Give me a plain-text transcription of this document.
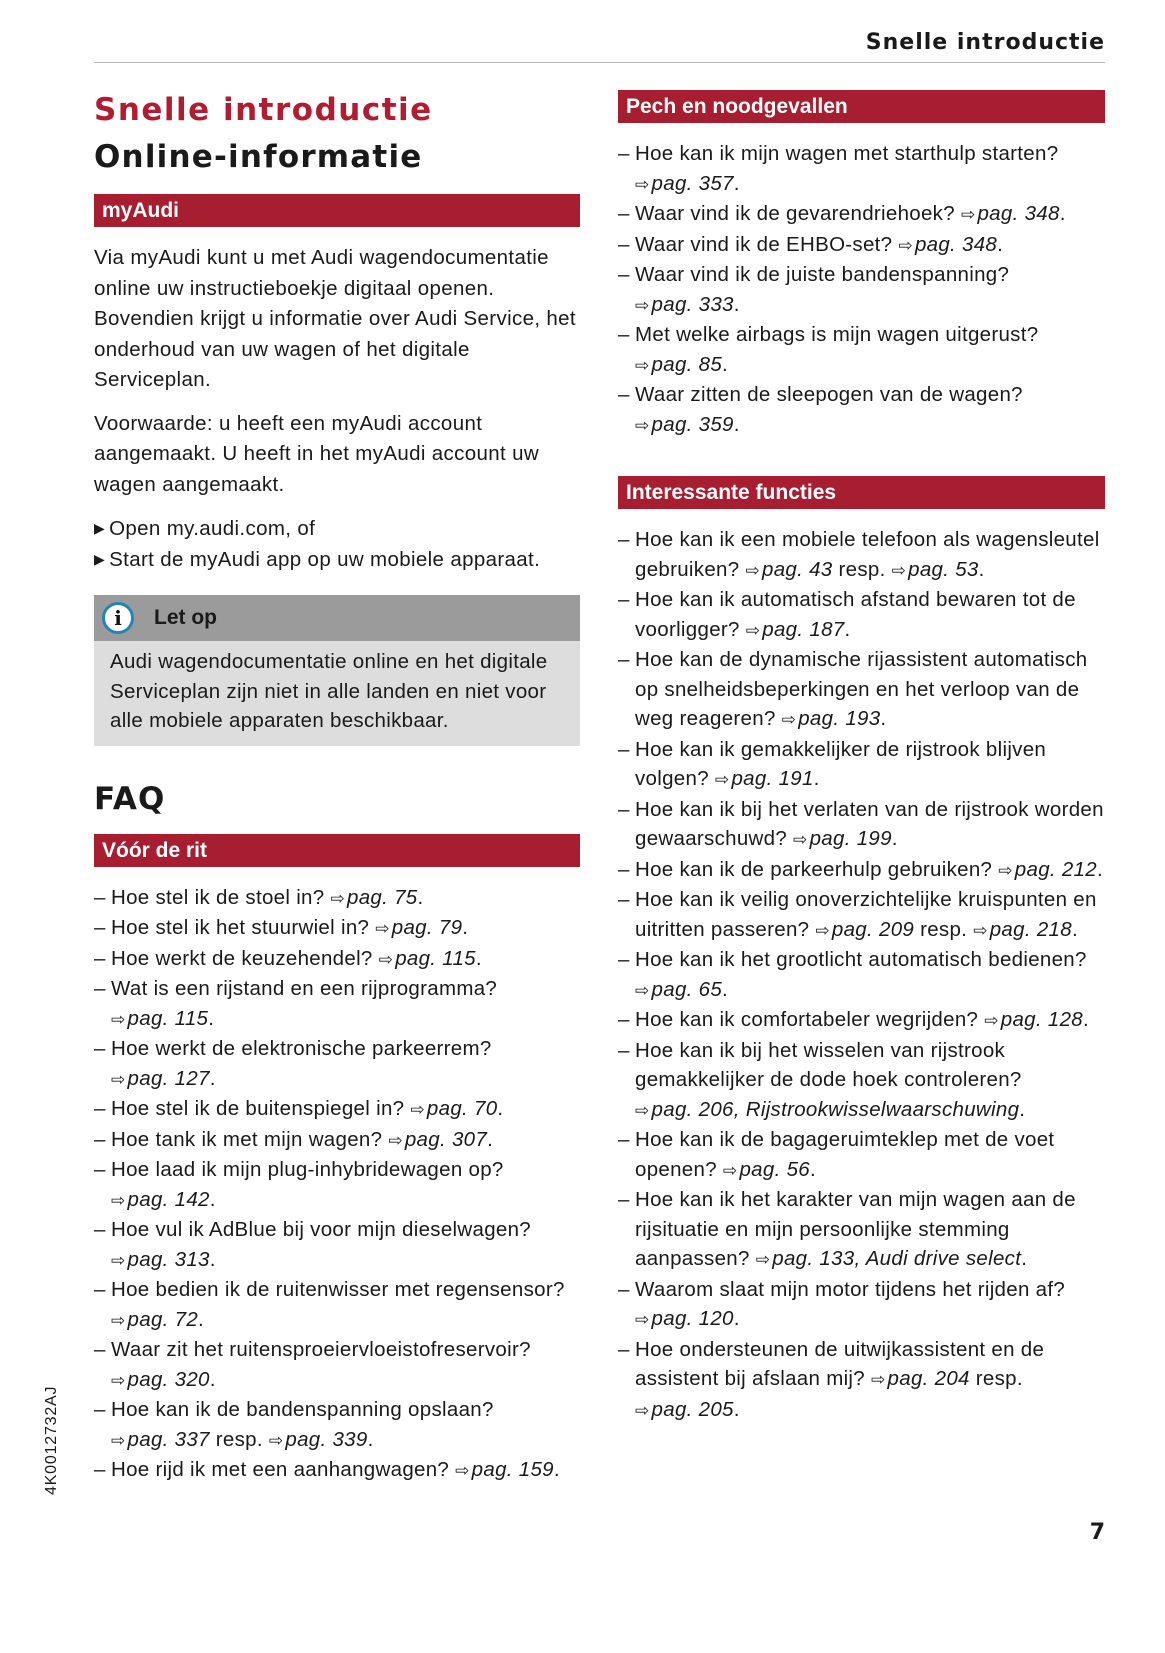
Snelle introductie
Snelle introductie
Online-informatie
myAudi

Via myAudi kunt u met Audi wagendocumentatie online uw instructieboekje digitaal openen. Bovendien krijgt u informatie over Audi Service, het onderhoud van uw wagen of het digitale Serviceplan.

Voorwaarde: u heeft een myAudi account aangemaakt. U heeft in het myAudi account uw wagen aangemaakt.

▶ Open my.audi.com, of
▶ Start de myAudi app op uw mobiele apparaat.
i	Let op
Audi wagendocumentatie online en het digitale Serviceplan zijn niet in alle landen en niet voor alle mobiele apparaten beschikbaar.
FAQ
Vóór de rit
– Hoe stel ik de stoel in? ⇨pag. 75.
– Hoe stel ik het stuurwiel in? ⇨pag. 79.
– Hoe werkt de keuzehendel? ⇨pag. 115.
– Wat is een rijstand en een rijprogramma? ⇨pag. 115.
– Hoe werkt de elektronische parkeerrem? ⇨pag. 127.
– Hoe stel ik de buitenspiegel in? ⇨pag. 70.
– Hoe tank ik met mijn wagen? ⇨pag. 307.
– Hoe laad ik mijn plug-inhybridewagen op? ⇨pag. 142.
– Hoe vul ik AdBlue bij voor mijn dieselwagen? ⇨pag. 313.
– Hoe bedien ik de ruitenwisser met regensensor? ⇨pag. 72.
– Waar zit het ruitensproeiervloeistofreservoir? ⇨pag. 320.
– Hoe kan ik de bandenspanning opslaan? ⇨pag. 337 resp. ⇨pag. 339.
– Hoe rijd ik met een aanhangwagen? ⇨pag. 159.
Pech en noodgevallen
– Hoe kan ik mijn wagen met starthulp starten? ⇨pag. 357.
– Waar vind ik de gevarendriehoek? ⇨pag. 348.
– Waar vind ik de EHBO-set? ⇨pag. 348.
– Waar vind ik de juiste bandenspanning? ⇨pag. 333.
– Met welke airbags is mijn wagen uitgerust? ⇨pag. 85.
– Waar zitten de sleepogen van de wagen? ⇨pag. 359.
Interessante functies
– Hoe kan ik een mobiele telefoon als wagensleutel gebruiken? ⇨pag. 43 resp. ⇨pag. 53.
– Hoe kan ik automatisch afstand bewaren tot de voorligger? ⇨pag. 187.
– Hoe kan de dynamische rijassistent automatisch op snelheidsbeperkingen en het verloop van de weg reageren? ⇨pag. 193.
– Hoe kan ik gemakkelijker de rijstrook blijven volgen? ⇨pag. 191.
– Hoe kan ik bij het verlaten van de rijstrook worden gewaarschuwd? ⇨pag. 199.
– Hoe kan ik de parkeerhulp gebruiken? ⇨pag. 212.
– Hoe kan ik veilig onoverzichtelijke kruispunten en uitritten passeren? ⇨pag. 209 resp. ⇨pag. 218.
– Hoe kan ik het grootlicht automatisch bedienen? ⇨pag. 65.
– Hoe kan ik comfortabeler wegrijden? ⇨pag. 128.
– Hoe kan ik bij het wisselen van rijstrook gemakkelijker de dode hoek controleren? ⇨pag. 206, Rijstrookwisselwaarschuwing.
– Hoe kan ik de bagageruimteklep met de voet openen? ⇨pag. 56.
– Hoe kan ik het karakter van mijn wagen aan de rijsituatie en mijn persoonlijke stemming aanpassen? ⇨pag. 133, Audi drive select.
– Waarom slaat mijn motor tijdens het rijden af? ⇨pag. 120.
– Hoe ondersteunen de uitwijkassistent en de assistent bij afslaan mij? ⇨pag. 204 resp. ⇨pag. 205.
4K0012732AJ
7
